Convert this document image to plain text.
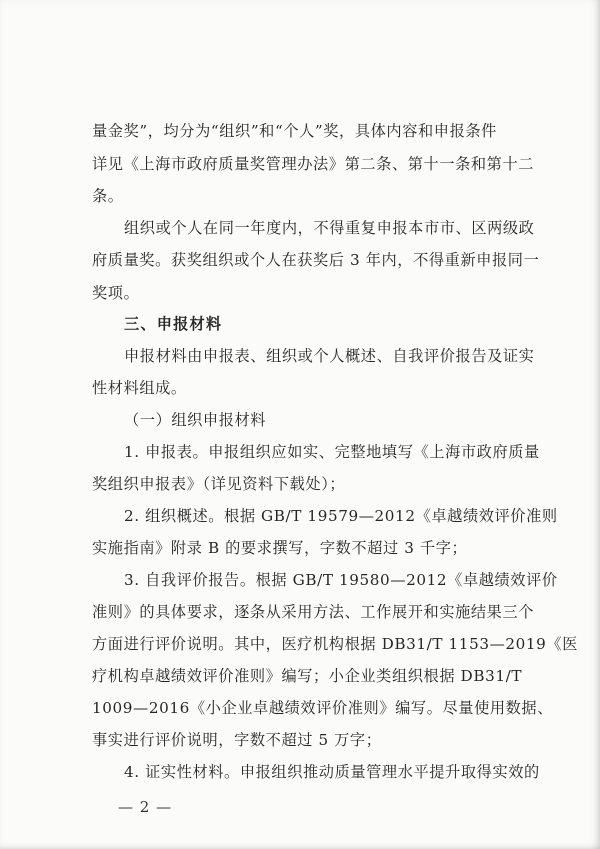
量金奖”，均分为“组织”和“个人”奖，具体内容和申报条件
详见《上海市政府质量奖管理办法》第二条、第十一条和第十二
条。
组织或个人在同一年度内，不得重复申报本市市、区两级政
府质量奖。获奖组织或个人在获奖后 3 年内，不得重新申报同一
奖项。
三、申报材料
申报材料由申报表、组织或个人概述、自我评价报告及证实
性材料组成。
（一）组织申报材料
1. 申报表。申报组织应如实、完整地填写《上海市政府质量
奖组织申报表》（详见资料下载处）；
2. 组织概述。根据 GB/T 19579—2012《卓越绩效评价准则
实施指南》附录 B 的要求撰写，字数不超过 3 千字；
3. 自我评价报告。根据 GB/T 19580—2012《卓越绩效评价
准则》的具体要求，逐条从采用方法、工作展开和实施结果三个
方面进行评价说明。其中，医疗机构根据 DB31/T 1153—2019《医
疗机构卓越绩效评价准则》编写；小企业类组织根据 DB31/T
1009—2016《小企业卓越绩效评价准则》编写。尽量使用数据、
事实进行评价说明，字数不超过 5 万字；
4. 证实性材料。申报组织推动质量管理水平提升取得实效的
— 2 —
